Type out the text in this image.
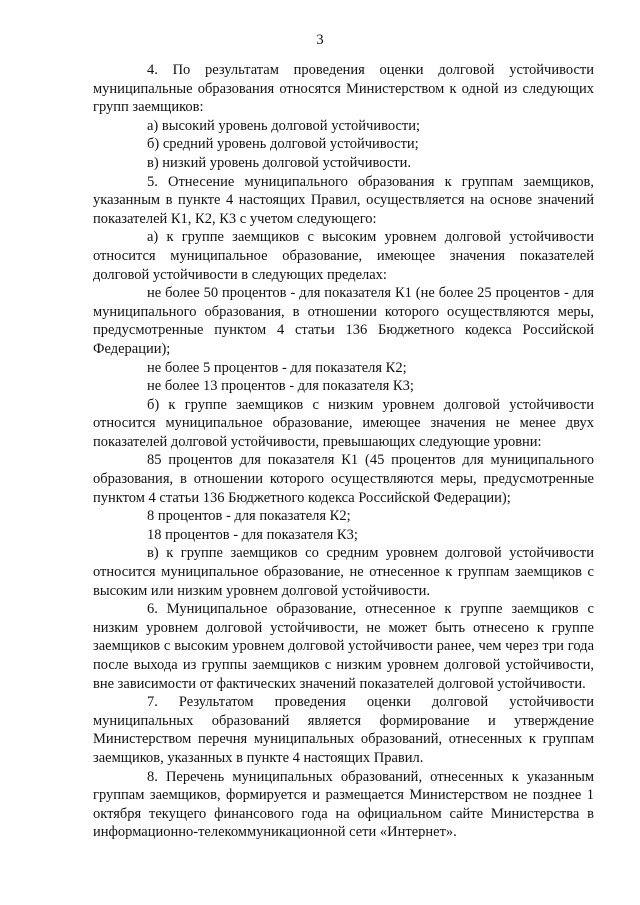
3

4. По результатам проведения оценки долговой устойчивости муниципальные образования относятся Министерством к одной из следующих групп заемщиков:

а) высокий уровень долговой устойчивости;

б) средний уровень долговой устойчивости;

в) низкий уровень долговой устойчивости.

5. Отнесение муниципального образования к группам заемщиков, указанным в пункте 4 настоящих Правил, осуществляется на основе значений показателей К1, К2, К3 с учетом следующего:

а) к группе заемщиков с высоким уровнем долговой устойчивости относится муниципальное образование, имеющее значения показателей долговой устойчивости в следующих пределах:

не более 50 процентов - для показателя К1 (не более 25 процентов - для муниципального образования, в отношении которого осуществляются меры, предусмотренные пунктом 4 статьи 136 Бюджетного кодекса Российской Федерации);

не более 5 процентов - для показателя К2;

не более 13 процентов - для показателя К3;

б) к группе заемщиков с низким уровнем долговой устойчивости относится муниципальное образование, имеющее значения не менее двух показателей долговой устойчивости, превышающих следующие уровни:

85 процентов для показателя К1 (45 процентов для муниципального образования, в отношении которого осуществляются меры, предусмотренные пунктом 4 статьи 136 Бюджетного кодекса Российской Федерации);

8 процентов - для показателя К2;

18 процентов - для показателя К3;

в) к группе заемщиков со средним уровнем долговой устойчивости относится муниципальное образование, не отнесенное к группам заемщиков с высоким или низким уровнем долговой устойчивости.

6. Муниципальное образование, отнесенное к группе заемщиков с низким уровнем долговой устойчивости, не может быть отнесено к группе заемщиков с высоким уровнем долговой устойчивости ранее, чем через три года после выхода из группы заемщиков с низким уровнем долговой устойчивости, вне зависимости от фактических значений показателей долговой устойчивости.

7. Результатом проведения оценки долговой устойчивости муниципальных образований является формирование и утверждение Министерством перечня муниципальных образований, отнесенных к группам заемщиков, указанных в пункте 4 настоящих Правил.

8. Перечень муниципальных образований, отнесенных к указанным группам заемщиков, формируется и размещается Министерством не позднее 1 октября текущего финансового года на официальном сайте Министерства в информационно-телекоммуникационной сети «Интернет».
